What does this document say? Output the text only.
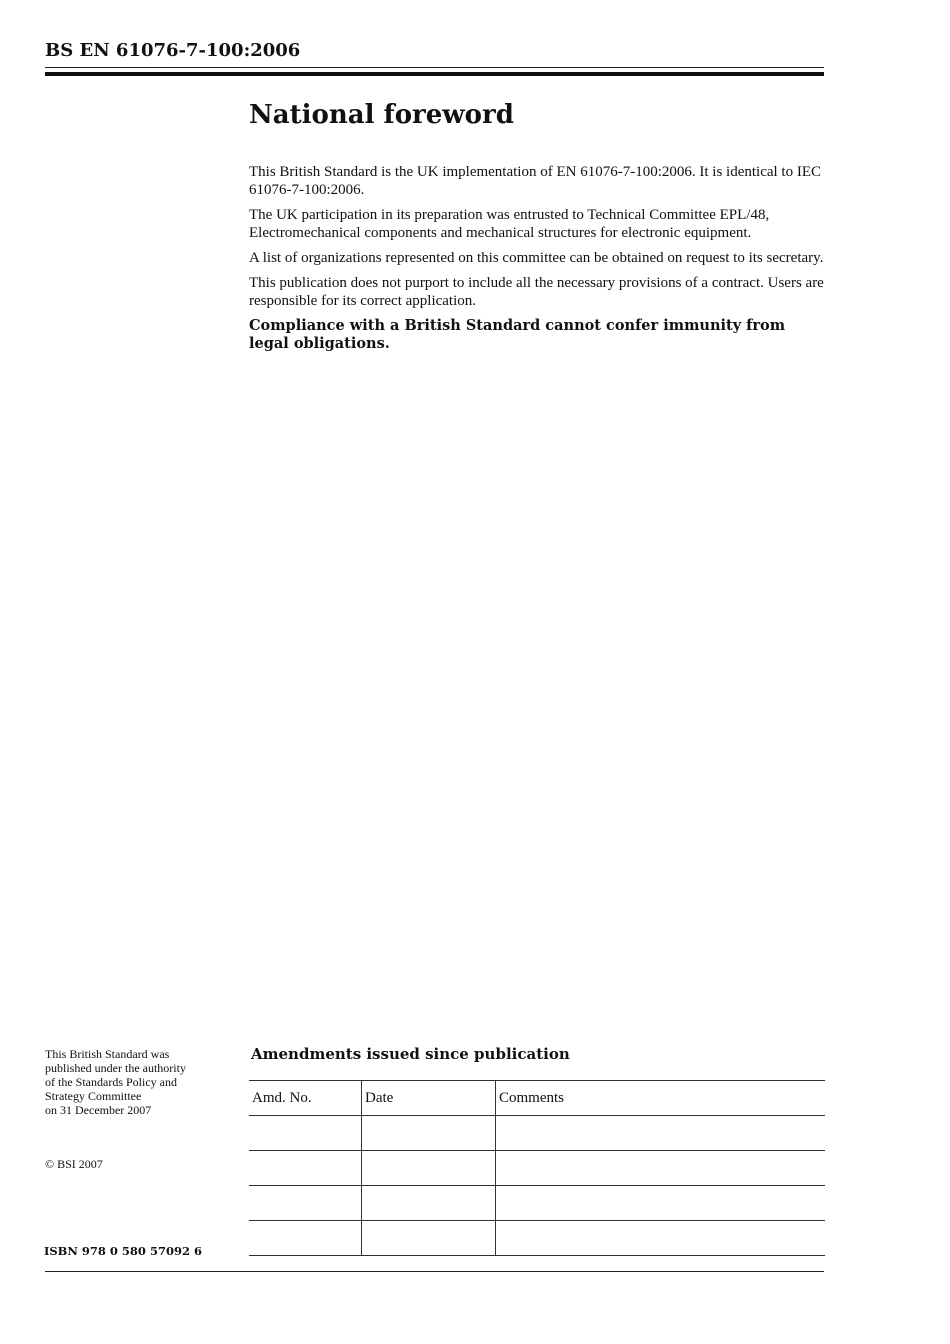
BS EN 61076-7-100:2006
National foreword

This British Standard is the UK implementation of EN 61076-7-100:2006. It is identical to IEC 61076-7-100:2006.

The UK participation in its preparation was entrusted to Technical Committee EPL/48, Electromechanical components and mechanical structures for electronic equipment.

A list of organizations represented on this committee can be obtained on request to its secretary.

This publication does not purport to include all the necessary provisions of a contract. Users are responsible for its correct application.

Compliance with a British Standard cannot confer immunity from legal obligations.

This British Standard was
published under the authority
of the Standards Policy and
Strategy Committee
on 31 December 2007
© BSI 2007
ISBN 978 0 580 57092 6
Amendments issued since publication
Amd. No.	Date	Comments
